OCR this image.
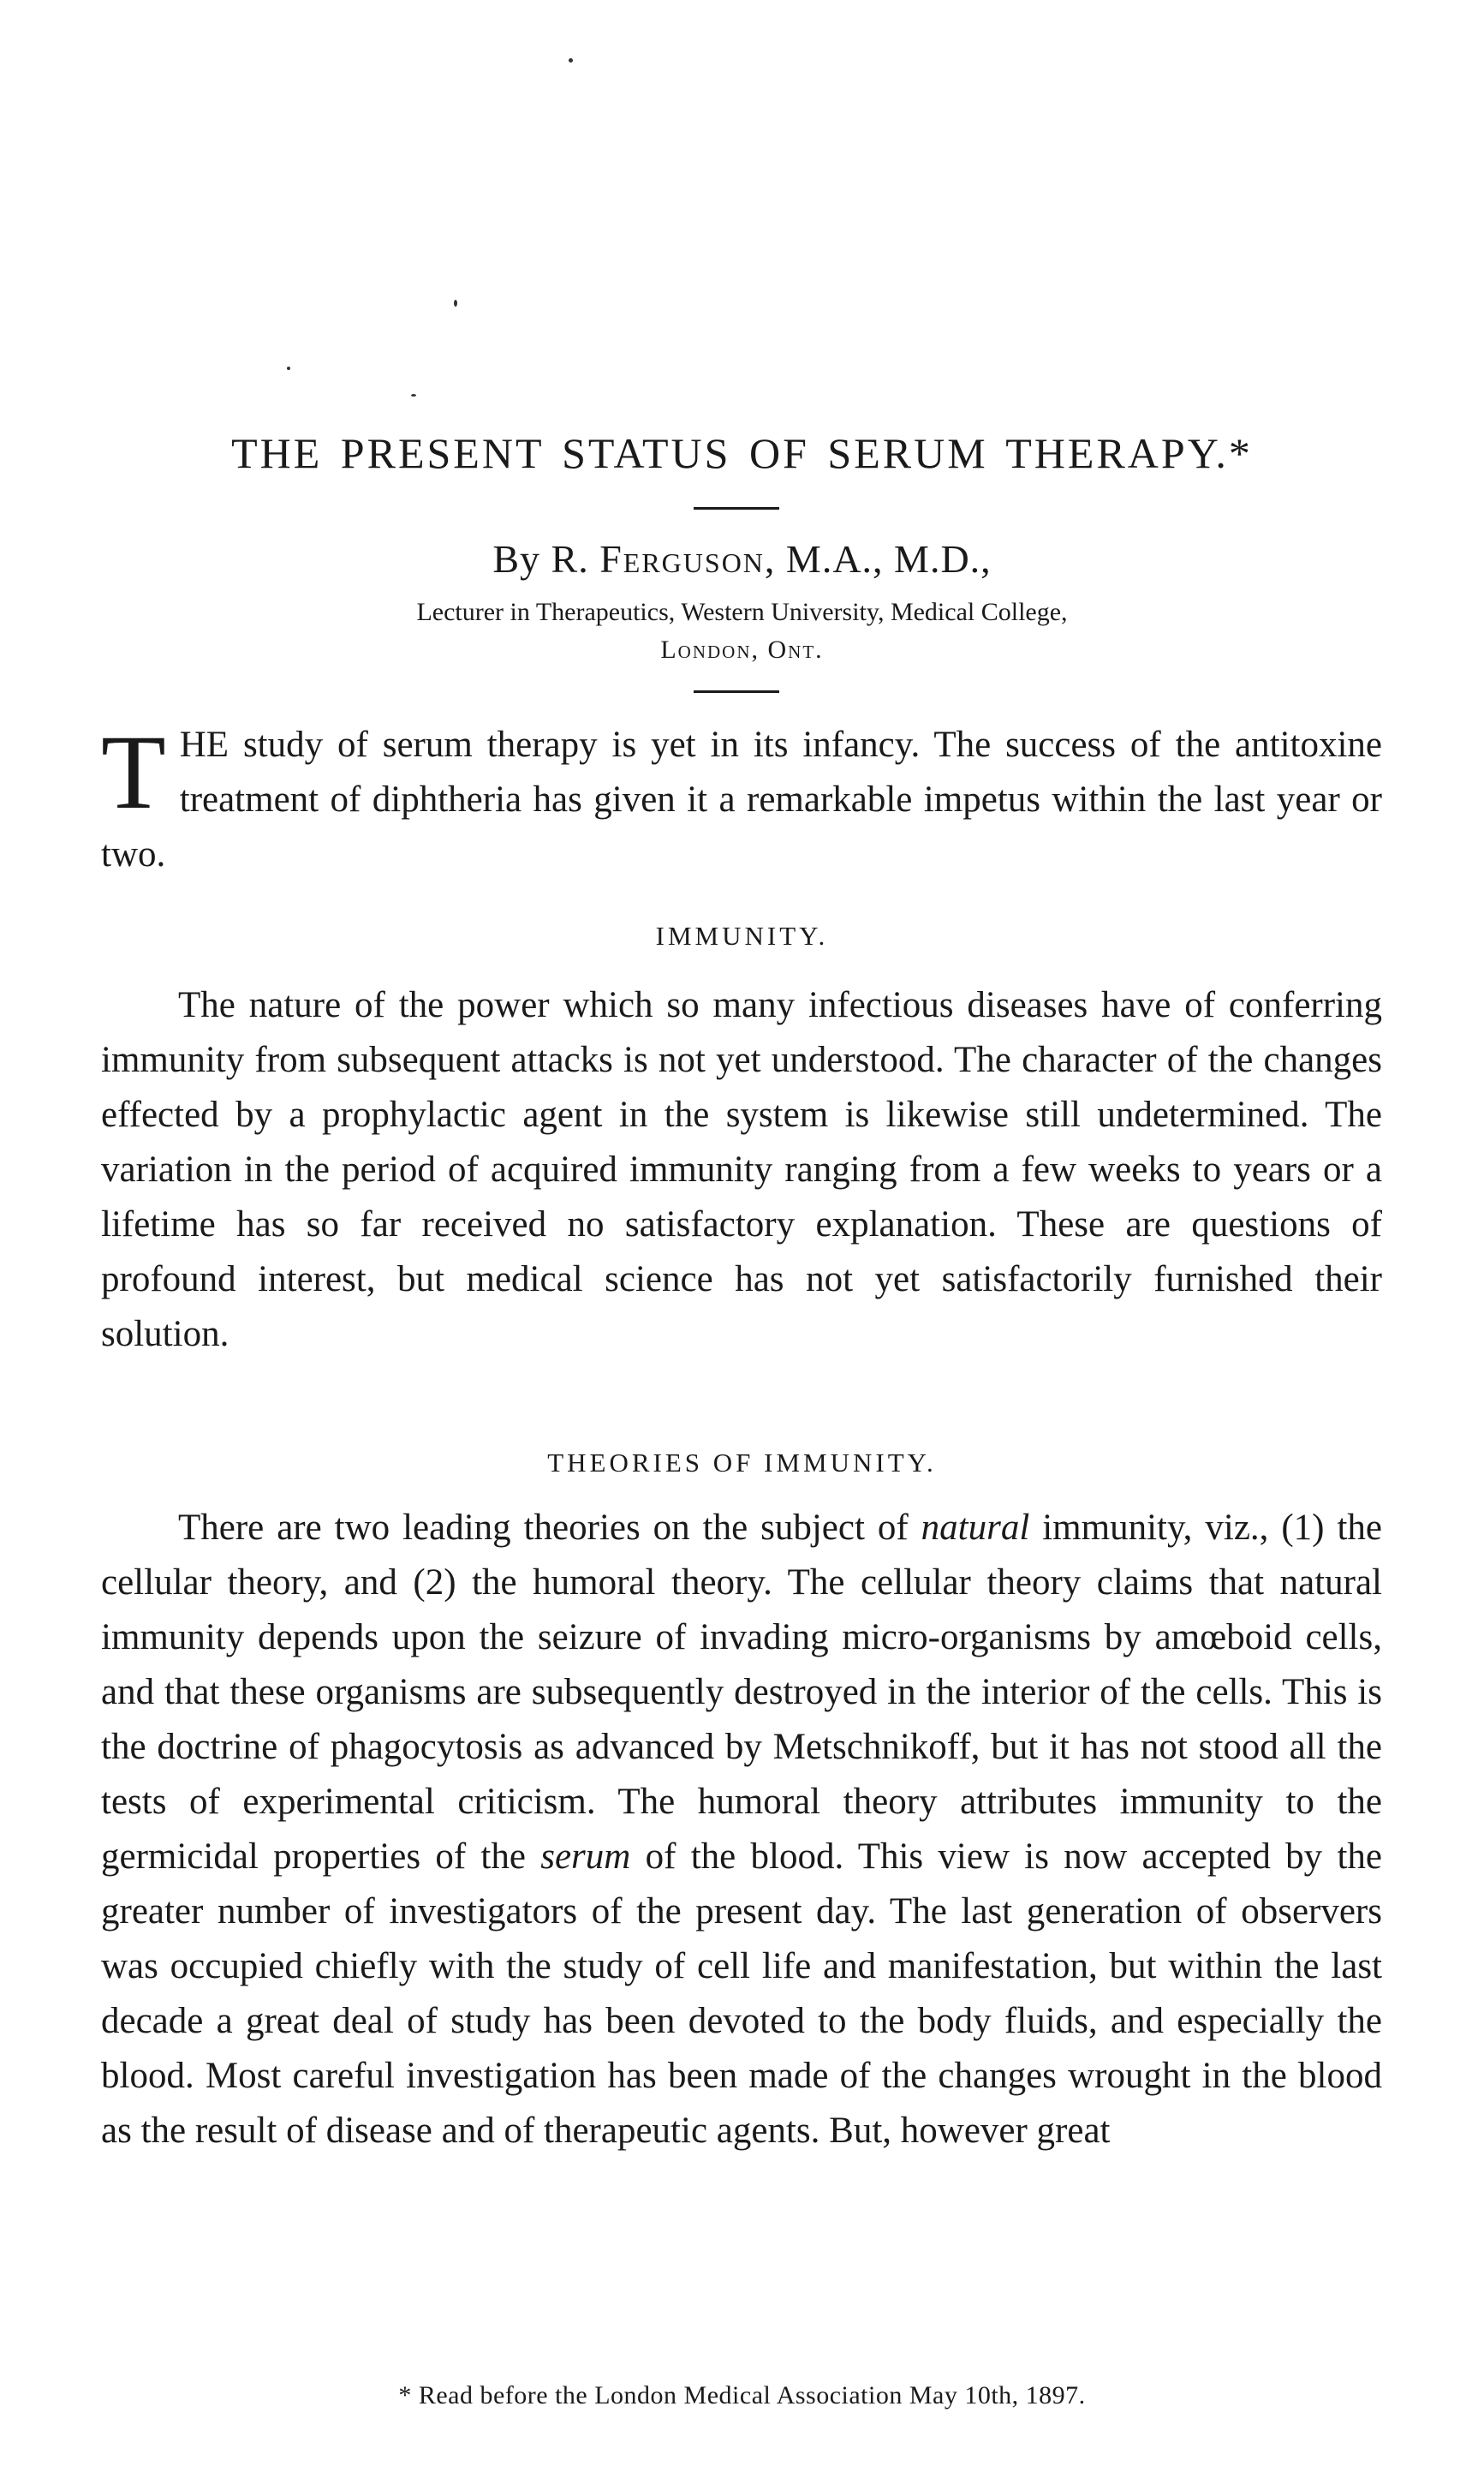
THE PRESENT STATUS OF SERUM THERAPY.*
By R. Ferguson, M.A., M.D.,
Lecturer in Therapeutics, Western University, Medical College,
London, Ont.

THE study of serum therapy is yet in its infancy. The success of the antitoxine treatment of diphtheria has given it a remarkable impetus within the last year or two.

IMMUNITY.

The nature of the power which so many infectious diseases have of conferring immunity from subsequent attacks is not yet understood. The character of the changes effected by a prophylactic agent in the system is likewise still undetermined. The variation in the period of acquired immunity ranging from a few weeks to years or a lifetime has so far received no satisfactory explanation. These are questions of profound interest, but medical science has not yet satisfactorily furnished their solution.

THEORIES OF IMMUNITY.

There are two leading theories on the subject of natural immunity, viz., (1) the cellular theory, and (2) the humoral theory. The cellular theory claims that natural immunity depends upon the seizure of invading micro-organisms by amœboid cells, and that these organisms are subsequently destroyed in the interior of the cells. This is the doctrine of phagocytosis as advanced by Metschnikoff, but it has not stood all the tests of experimental criticism. The humoral theory attributes immunity to the germicidal properties of the serum of the blood. This view is now accepted by the greater number of investigators of the present day. The last generation of observers was occupied chiefly with the study of cell life and manifestation, but within the last decade a great deal of study has been devoted to the body fluids, and especially the blood. Most careful investigation has been made of the changes wrought in the blood as the result of disease and of therapeutic agents. But, however great

* Read before the London Medical Association May 10th, 1897.
